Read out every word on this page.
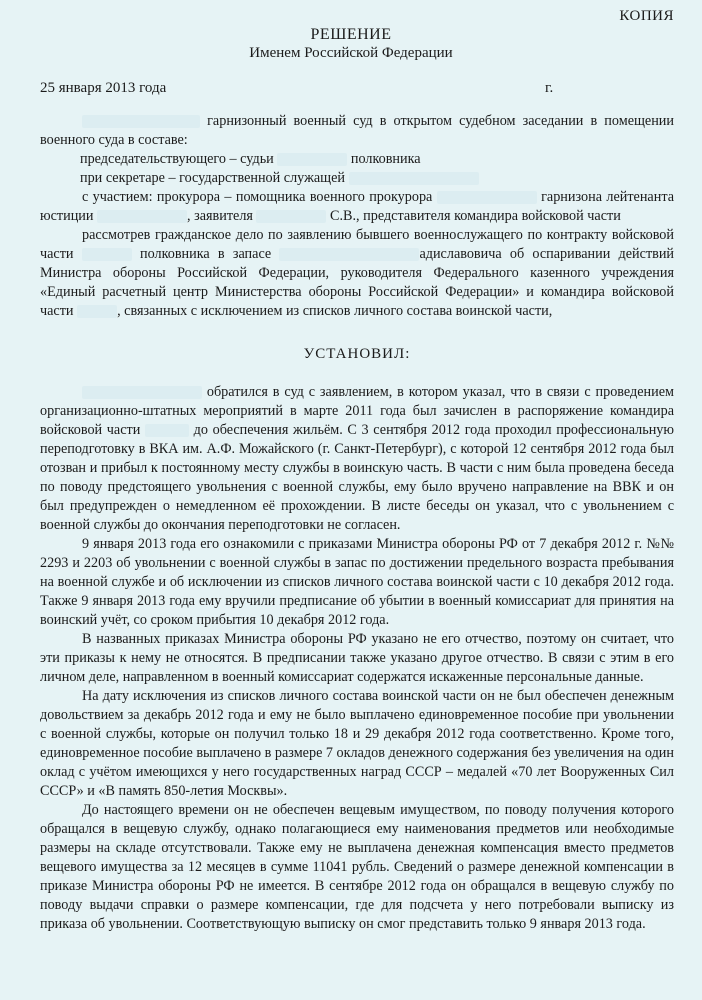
КОПИЯ
РЕШЕНИЕ
Именем Российской Федерации
25 января 2013 года	г.

гарнизонный военный суд в открытом судебном заседании в помещении военного суда в составе:

председательствующего – судьи	полковника

при секретаре – государственной служащей

с участием: прокурора – помощника военного прокурора	гарнизона лейтенанта юстиции	, заявителя	С.В., представителя командира войсковой части

рассмотрев гражданское дело по заявлению бывшего военнослужащего по контракту войсковой части	полковника в запасе	адиславовича об оспаривании действий Министра обороны Российской Федерации, руководителя Федерального казенного учреждения «Единый расчетный центр Министерства обороны Российской Федерации» и командира войсковой части	, связанных с исключением из списков личного состава воинской части,

УСТАНОВИЛ:

обратился в суд с заявлением, в котором указал, что в связи с проведением организационно-штатных мероприятий в марте 2011 года был зачислен в распоряжение командира войсковой части	до обеспечения жильём. С 3 сентября 2012 года проходил профессиональную переподготовку в ВКА им. А.Ф. Можайского (г. Санкт-Петербург), с которой 12 сентября 2012 года был отозван и прибыл к постоянному месту службы в воинскую часть. В части с ним была проведена беседа по поводу предстоящего увольнения с военной службы, ему было вручено направление на ВВК и он был предупрежден о немедленном её прохождении. В листе беседы он указал, что с увольнением с военной службы до окончания переподготовки не согласен.

9 января 2013 года его ознакомили с приказами Министра обороны РФ от 7 декабря 2012 г. №№ 2293 и 2203 об увольнении с военной службы в запас по достижении предельного возраста пребывания на военной службе и об исключении из списков личного состава воинской части с 10 декабря 2012 года. Также 9 января 2013 года ему вручили предписание об убытии в военный комиссариат для принятия на воинский учёт, со сроком прибытия 10 декабря 2012 года.

В названных приказах Министра обороны РФ указано не его отчество, поэтому он считает, что эти приказы к нему не относятся. В предписании также указано другое отчество. В связи с этим в его личном деле, направленном в военный комиссариат содержатся искаженные персональные данные.

На дату исключения из списков личного состава воинской части он не был обеспечен денежным довольствием за декабрь 2012 года и ему не было выплачено единовременное пособие при увольнении с военной службы, которые он получил только 18 и 29 декабря 2012 года соответственно. Кроме того, единовременное пособие выплачено в размере 7 окладов денежного содержания без увеличения на один оклад с учётом имеющихся у него государственных наград СССР – медалей «70 лет Вооруженных Сил СССР» и «В память 850-летия Москвы».

До настоящего времени он не обеспечен вещевым имуществом, по поводу получения которого обращался в вещевую службу, однако полагающиеся ему наименования предметов или необходимые размеры на складе отсутствовали. Также ему не выплачена денежная компенсация вместо предметов вещевого имущества за 12 месяцев в сумме 11041 рубль. Сведений о размере денежной компенсации в приказе Министра обороны РФ не имеется. В сентябре 2012 года он обращался в вещевую службу по поводу выдачи справки о размере компенсации, где для подсчета у него потребовали выписку из приказа об увольнении. Соответствующую выписку он смог представить только 9 января 2013 года.
